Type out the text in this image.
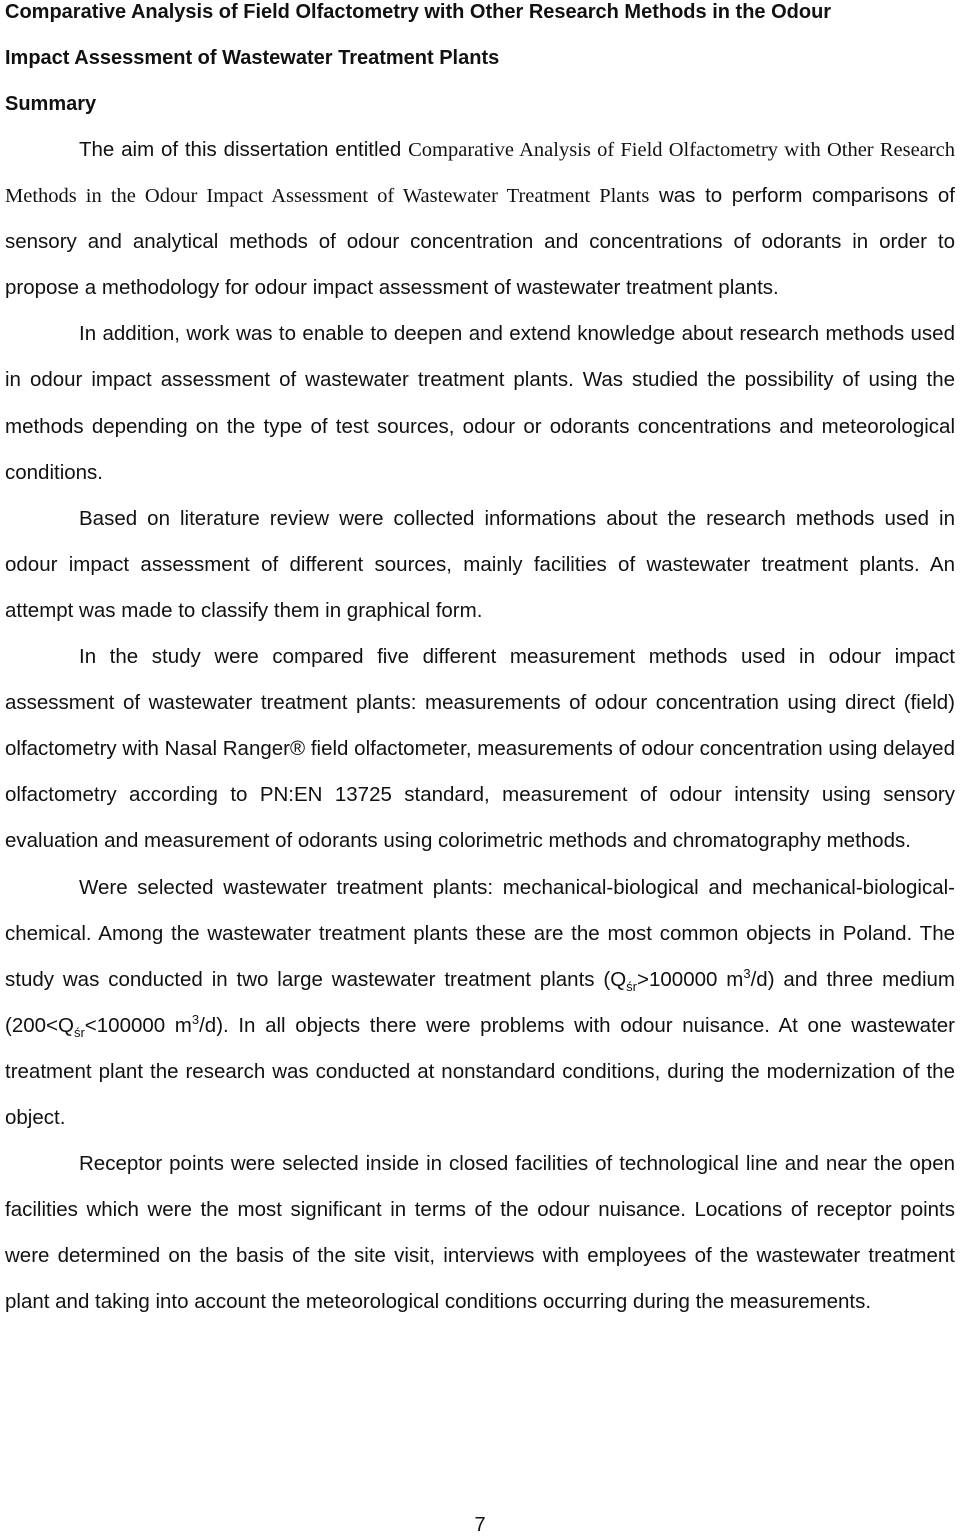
Comparative Analysis of Field Olfactometry with Other Research Methods in the Odour

Impact Assessment of Wastewater Treatment Plants

Summary

The aim of this dissertation entitled Comparative Analysis of Field Olfactometry with Other Research Methods in the Odour Impact Assessment of Wastewater Treatment Plants was to perform comparisons of sensory and analytical methods of odour concentration and concentrations of odorants in order to propose a methodology for odour impact assessment of wastewater treatment plants.

In addition, work was to enable to deepen and extend knowledge about research methods used in odour impact assessment of wastewater treatment plants. Was studied the possibility of using the methods depending on the type of test sources, odour or odorants concentrations and meteorological conditions.

Based on literature review were collected informations about the research methods used in odour impact assessment of different sources, mainly facilities of wastewater treatment plants. An attempt was made to classify them in graphical form.

In the study were compared five different measurement methods used in odour impact assessment of wastewater treatment plants: measurements of odour concentration using direct (field) olfactometry with Nasal Ranger® field olfactometer, measurements of odour concentration using delayed olfactometry according to PN:EN 13725 standard, measurement of odour intensity using sensory evaluation and measurement of odorants using colorimetric methods and chromatography methods.

Were selected wastewater treatment plants: mechanical-biological and mechanical-biological-chemical. Among the wastewater treatment plants these are the most common objects in Poland. The study was conducted in two large wastewater treatment plants ($Q_{śr}>100000$ $m^3/d$) and three medium ($200<Q_{śr}<100000$ $m^3/d$). In all objects there were problems with odour nuisance. At one wastewater treatment plant the research was conducted at nonstandard conditions, during the modernization of the object.

Receptor points were selected inside in closed facilities of technological line and near the open facilities which were the most significant in terms of the odour nuisance. Locations of receptor points were determined on the basis of the site visit, interviews with employees of the wastewater treatment plant and taking into account the meteorological conditions occurring during the measurements.

7
